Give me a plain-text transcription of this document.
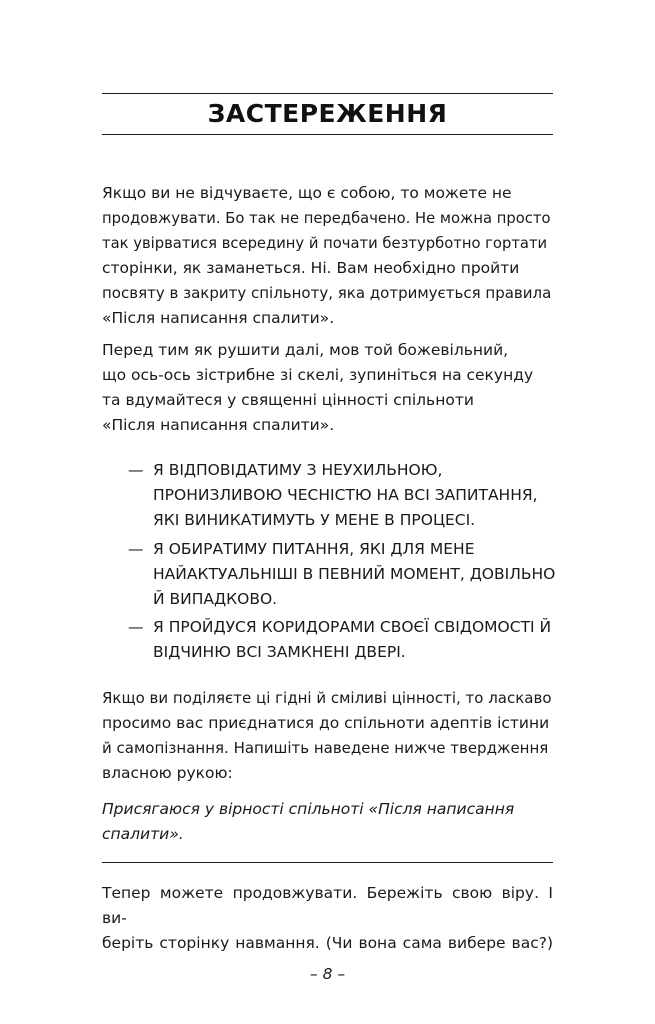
ЗАСТЕРЕЖЕННЯ

Якщо ви не відчуваєте, що є собою, то можете не
продовжувати. Бо так не передбачено. Не можна просто
так увірватися всередину й почати безтурботно гортати
сторінки, як заманеться. Ні. Вам необхідно пройти
посвяту в закриту спільноту, яка дотримується правила
«Після написання спалити».

Перед тим як рушити далі, мов той божевільний,
що ось-ось зістрибне зі скелі, зупиніться на секунду
та вдумайтеся у священні цінності спільноти
«Після написання спалити».

— Я ВІДПОВІДАТИМУ З НЕУХИЛЬНОЮ,
ПРОНИЗЛИВОЮ ЧЕСНІСТЮ НА ВСІ ЗАПИТАННЯ,
ЯКІ ВИНИКАТИМУТЬ У МЕНЕ В ПРОЦЕСІ.
— Я ОБИРАТИМУ ПИТАННЯ, ЯКІ ДЛЯ МЕНЕ
НАЙАКТУАЛЬНІШІ В ПЕВНИЙ МОМЕНТ, ДОВІЛЬНО
Й ВИПАДКОВО.
— Я ПРОЙДУСЯ КОРИДОРАМИ СВОЄЇ СВІДОМОСТІ Й
ВІДЧИНЮ ВСІ ЗАМКНЕНІ ДВЕРІ.

Якщо ви поділяєте ці гідні й сміливі цінності, то ласкаво
просимо вас приєднатися до спільноти адептів істини
й самопізнання. Напишіть наведене нижче твердження
власною рукою:

Присягаюся у вірності спільноті «Після написання
спалити».

Тепер можете продовжувати. Бережіть свою віру. І ви-
беріть сторінку навмання. (Чи вона сама вибере вас?)

– 8 –
